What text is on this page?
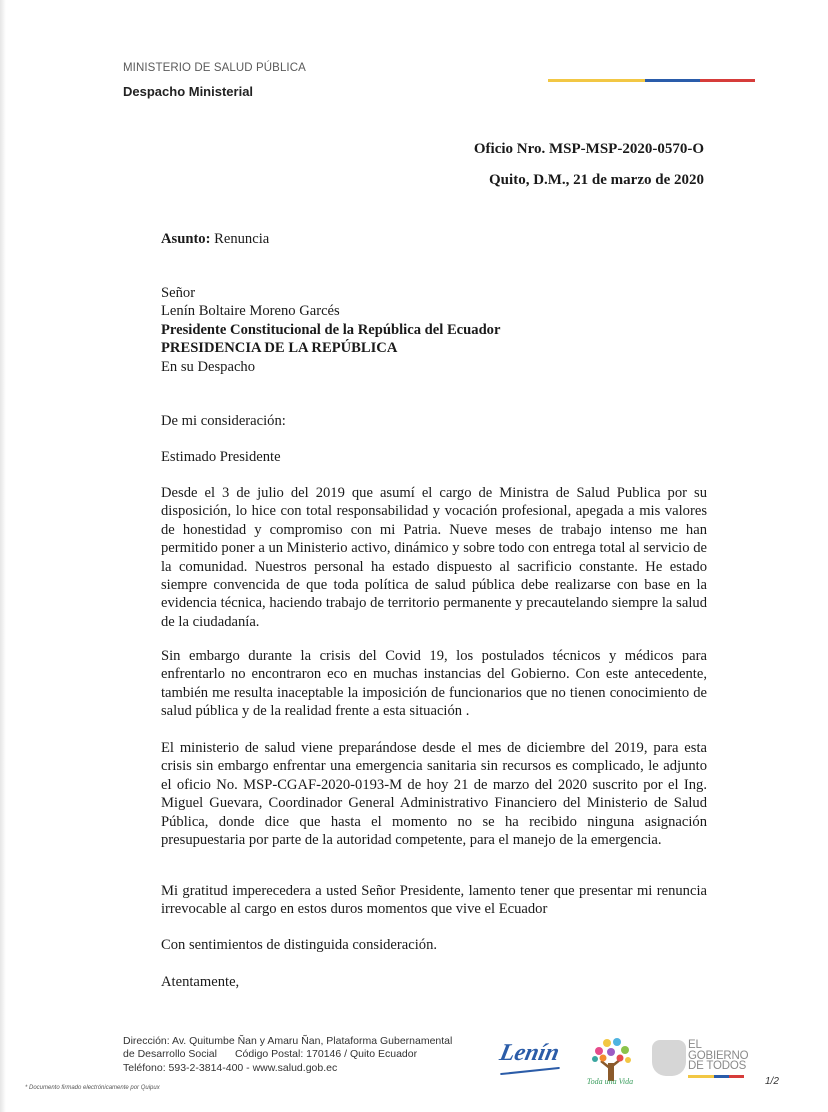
MINISTERIO DE SALUD PÚBLICA
Despacho Ministerial
Oficio Nro. MSP-MSP-2020-0570-O
Quito, D.M., 21 de marzo de 2020
Asunto: Renuncia
Señor
Lenín Boltaire Moreno Garcés
Presidente Constitucional de la República del Ecuador
PRESIDENCIA DE LA REPÚBLICA
En su Despacho
De mi consideración:
Estimado Presidente
Desde el 3 de julio del 2019 que asumí el cargo de Ministra de Salud Publica por su disposición, lo hice con total responsabilidad y vocación profesional, apegada a mis valores de honestidad y compromiso con mi Patria. Nueve meses de trabajo intenso me han permitido poner a un Ministerio activo, dinámico y sobre todo con entrega total al servicio de la comunidad. Nuestros personal ha estado dispuesto al sacrificio constante. He estado siempre convencida de que toda política de salud pública debe realizarse con base en la evidencia técnica, haciendo trabajo de territorio permanente y precautelando siempre la salud de la ciudadanía.
Sin embargo durante la crisis del Covid 19, los postulados técnicos y médicos para enfrentarlo no encontraron eco en muchas instancias del Gobierno. Con este antecedente, también me resulta inaceptable la imposición de funcionarios que no tienen conocimiento de salud pública y de la realidad frente a esta situación .
El ministerio de salud viene preparándose desde el mes de diciembre del 2019, para esta crisis sin embargo enfrentar una emergencia sanitaria sin recursos es complicado, le adjunto el oficio No. MSP-CGAF-2020-0193-M de hoy 21 de marzo del 2020 suscrito por el Ing. Miguel Guevara, Coordinador General Administrativo Financiero del Ministerio de Salud Pública, donde dice que hasta el momento no se ha recibido ninguna asignación presupuestaria por parte de la autoridad competente, para el manejo de la emergencia.
Mi gratitud imperecedera a usted Señor Presidente, lamento tener que presentar mi renuncia irrevocable al cargo en estos duros momentos que vive el Ecuador
Con sentimientos de distinguida consideración.
Atentamente,
Dirección: Av. Quitumbe Ñan y Amaru Ñan, Plataforma Gubernamental
de Desarrollo Social Código Postal: 170146 / Quito Ecuador
Teléfono: 593-2-3814-400 - www.salud.gob.ec
Lenín
Toda una Vida
EL
GOBIERNO
DE TODOS
1/2
* Documento firmado electrónicamente por Quipux
